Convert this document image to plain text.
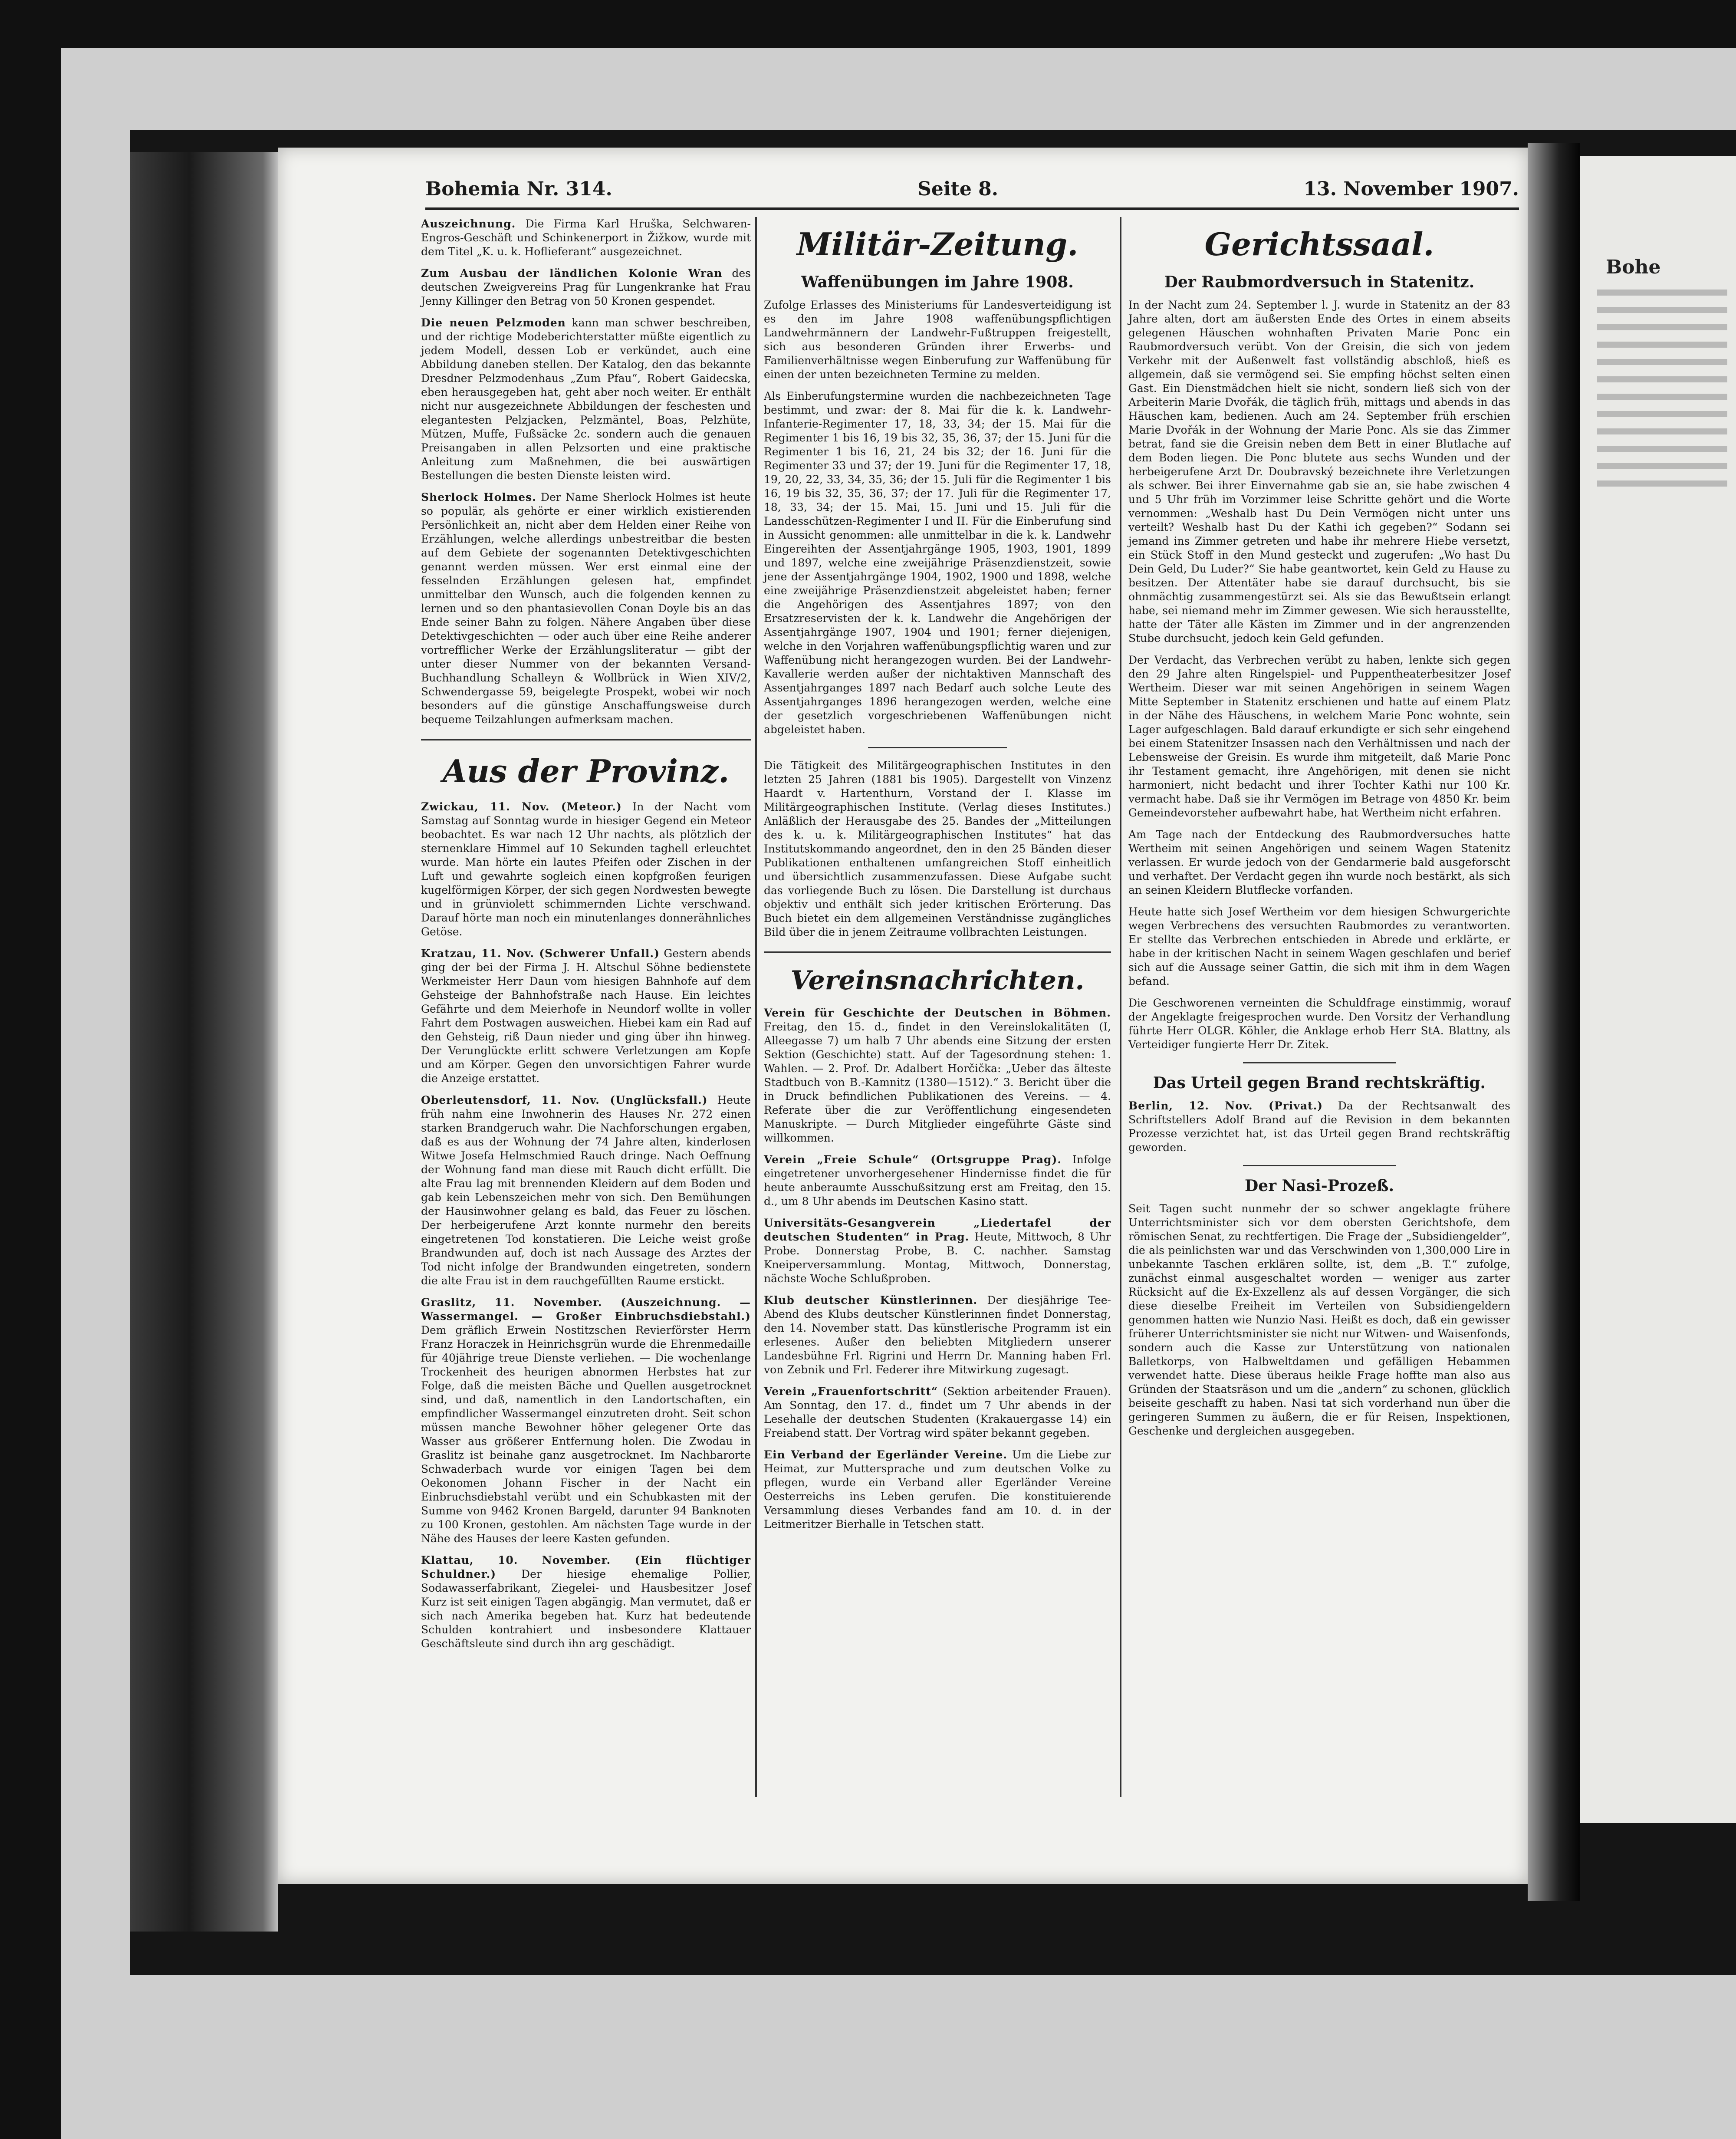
Bohe
Bohemia Nr. 314.	Seite 8.	13. November 1907.
Auszeichnung. Die Firma Karl Hruška, Selchwaren-Engros-Geschäft und Schinkenerport in Žižkow, wurde mit dem Titel „K. u. k. Hoflieferant“ ausgezeichnet.
Zum Ausbau der ländlichen Kolonie Wran des deutschen Zweigvereins Prag für Lungenkranke hat Frau Jenny Killinger den Betrag von 50 Kronen gespendet.
Die neuen Pelzmoden kann man schwer beschreiben, und der richtige Modeberichterstatter müßte eigentlich zu jedem Modell, dessen Lob er verkündet, auch eine Abbildung daneben stellen. Der Katalog, den das bekannte Dresdner Pelzmodenhaus „Zum Pfau“, Robert Gaidecska, eben herausgegeben hat, geht aber noch weiter. Er enthält nicht nur ausgezeichnete Abbildungen der feschesten und elegantesten Pelzjacken, Pelzmäntel, Boas, Pelzhüte, Mützen, Muffe, Fußsäcke 2c. sondern auch die genauen Preisangaben in allen Pelzsorten und eine praktische Anleitung zum Maßnehmen, die bei auswärtigen Bestellungen die besten Dienste leisten wird.
Sherlock Holmes. Der Name Sherlock Holmes ist heute so populär, als gehörte er einer wirklich existierenden Persönlichkeit an, nicht aber dem Helden einer Reihe von Erzählungen, welche allerdings unbestreitbar die besten auf dem Gebiete der sogenannten Detektivgeschichten genannt werden müssen. Wer erst einmal eine der fesselnden Erzählungen gelesen hat, empfindet unmittelbar den Wunsch, auch die folgenden kennen zu lernen und so den phantasievollen Conan Doyle bis an das Ende seiner Bahn zu folgen. Nähere Angaben über diese Detektivgeschichten — oder auch über eine Reihe anderer vortrefflicher Werke der Erzählungsliteratur — gibt der unter dieser Nummer von der bekannten Versand-Buchhandlung Schalleyn & Wollbrück in Wien XIV/2, Schwendergasse 59, beigelegte Prospekt, wobei wir noch besonders auf die günstige Anschaffungsweise durch bequeme Teilzahlungen aufmerksam machen.
Aus der Provinz.
Zwickau, 11. Nov. (Meteor.) In der Nacht vom Samstag auf Sonntag wurde in hiesiger Gegend ein Meteor beobachtet. Es war nach 12 Uhr nachts, als plötzlich der sternenklare Himmel auf 10 Sekunden taghell erleuchtet wurde. Man hörte ein lautes Pfeifen oder Zischen in der Luft und gewahrte sogleich einen kopfgroßen feurigen kugelförmigen Körper, der sich gegen Nordwesten bewegte und in grünviolett schimmernden Lichte verschwand. Darauf hörte man noch ein minutenlanges donnerähnliches Getöse.
Kratzau, 11. Nov. (Schwerer Unfall.) Gestern abends ging der bei der Firma J. H. Altschul Söhne bedienstete Werkmeister Herr Daun vom hiesigen Bahnhofe auf dem Gehsteige der Bahnhofstraße nach Hause. Ein leichtes Gefährte und dem Meierhofe in Neundorf wollte in voller Fahrt dem Postwagen ausweichen. Hiebei kam ein Rad auf den Gehsteig, riß Daun nieder und ging über ihn hinweg. Der Verunglückte erlitt schwere Verletzungen am Kopfe und am Körper. Gegen den unvorsichtigen Fahrer wurde die Anzeige erstattet.
Oberleutensdorf, 11. Nov. (Unglücksfall.) Heute früh nahm eine Inwohnerin des Hauses Nr. 272 einen starken Brandgeruch wahr. Die Nachforschungen ergaben, daß es aus der Wohnung der 74 Jahre alten, kinderlosen Witwe Josefa Helmschmied Rauch dringe. Nach Oeffnung der Wohnung fand man diese mit Rauch dicht erfüllt. Die alte Frau lag mit brennenden Kleidern auf dem Boden und gab kein Lebenszeichen mehr von sich. Den Bemühungen der Hausinwohner gelang es bald, das Feuer zu löschen. Der herbeigerufene Arzt konnte nurmehr den bereits eingetretenen Tod konstatieren. Die Leiche weist große Brandwunden auf, doch ist nach Aussage des Arztes der Tod nicht infolge der Brandwunden eingetreten, sondern die alte Frau ist in dem rauchgefüllten Raume erstickt.
Graslitz, 11. November. (Auszeichnung. — Wassermangel. — Großer Einbruchsdiebstahl.) Dem gräflich Erwein Nostitzschen Revierförster Herrn Franz Horaczek in Heinrichsgrün wurde die Ehrenmedaille für 40jährige treue Dienste verliehen. — Die wochenlange Trockenheit des heurigen abnormen Herbstes hat zur Folge, daß die meisten Bäche und Quellen ausgetrocknet sind, und daß, namentlich in den Landortschaften, ein empfindlicher Wassermangel einzutreten droht. Seit schon müssen manche Bewohner höher gelegener Orte das Wasser aus größerer Entfernung holen. Die Zwodau in Graslitz ist beinahe ganz ausgetrocknet. Im Nachbarorte Schwaderbach wurde vor einigen Tagen bei dem Oekonomen Johann Fischer in der Nacht ein Einbruchsdiebstahl verübt und ein Schubkasten mit der Summe von 9462 Kronen Bargeld, darunter 94 Banknoten zu 100 Kronen, gestohlen. Am nächsten Tage wurde in der Nähe des Hauses der leere Kasten gefunden.
Klattau, 10. November. (Ein flüchtiger Schuldner.) Der hiesige ehemalige Pollier, Sodawasserfabrikant, Ziegelei- und Hausbesitzer Josef Kurz ist seit einigen Tagen abgängig. Man vermutet, daß er sich nach Amerika begeben hat. Kurz hat bedeutende Schulden kontrahiert und insbesondere Klattauer Geschäftsleute sind durch ihn arg geschädigt.
Militär-Zeitung.
Waffenübungen im Jahre 1908.
Zufolge Erlasses des Ministeriums für Landesverteidigung ist es den im Jahre 1908 waffenübungspflichtigen Landwehrmännern der Landwehr-Fußtruppen freigestellt, sich aus besonderen Gründen ihrer Erwerbs- und Familienverhältnisse wegen Einberufung zur Waffenübung für einen der unten bezeichneten Termine zu melden.
Als Einberufungstermine wurden die nachbezeichneten Tage bestimmt, und zwar: der 8. Mai für die k. k. Landwehr-Infanterie-Regimenter 17, 18, 33, 34; der 15. Mai für die Regimenter 1 bis 16, 19 bis 32, 35, 36, 37; der 15. Juni für die Regimenter 1 bis 16, 21, 24 bis 32; der 16. Juni für die Regimenter 33 und 37; der 19. Juni für die Regimenter 17, 18, 19, 20, 22, 33, 34, 35, 36; der 15. Juli für die Regimenter 1 bis 16, 19 bis 32, 35, 36, 37; der 17. Juli für die Regimenter 17, 18, 33, 34; der 15. Mai, 15. Juni und 15. Juli für die Landesschützen-Regimenter I und II. Für die Einberufung sind in Aussicht genommen: alle unmittelbar in die k. k. Landwehr Eingereihten der Assentjahrgänge 1905, 1903, 1901, 1899 und 1897, welche eine zweijährige Präsenzdienstzeit, sowie jene der Assentjahrgänge 1904, 1902, 1900 und 1898, welche eine zweijährige Präsenzdienstzeit abgeleistet haben; ferner die Angehörigen des Assentjahres 1897; von den Ersatzreservisten der k. k. Landwehr die Angehörigen der Assentjahrgänge 1907, 1904 und 1901; ferner diejenigen, welche in den Vorjahren waffenübungspflichtig waren und zur Waffenübung nicht herangezogen wurden. Bei der Landwehr-Kavallerie werden außer der nichtaktiven Mannschaft des Assentjahrganges 1897 nach Bedarf auch solche Leute des Assentjahrganges 1896 herangezogen werden, welche eine der gesetzlich vorgeschriebenen Waffenübungen nicht abgeleistet haben.
Die Tätigkeit des Militärgeographischen Institutes in den letzten 25 Jahren (1881 bis 1905). Dargestellt von Vinzenz Haardt v. Hartenthurn, Vorstand der I. Klasse im Militärgeographischen Institute. (Verlag dieses Institutes.) Anläßlich der Herausgabe des 25. Bandes der „Mitteilungen des k. u. k. Militärgeographischen Institutes“ hat das Institutskommando angeordnet, den in den 25 Bänden dieser Publikationen enthaltenen umfangreichen Stoff einheitlich und übersichtlich zusammenzufassen. Diese Aufgabe sucht das vorliegende Buch zu lösen. Die Darstellung ist durchaus objektiv und enthält sich jeder kritischen Erörterung. Das Buch bietet ein dem allgemeinen Verständnisse zugängliches Bild über die in jenem Zeitraume vollbrachten Leistungen.
Vereinsnachrichten.
Verein für Geschichte der Deutschen in Böhmen. Freitag, den 15. d., findet in den Vereinslokalitäten (I, Alleegasse 7) um halb 7 Uhr abends eine Sitzung der ersten Sektion (Geschichte) statt. Auf der Tagesordnung stehen: 1. Wahlen. — 2. Prof. Dr. Adalbert Horčička: „Ueber das älteste Stadtbuch von B.-Kamnitz (1380—1512).“ 3. Bericht über die in Druck befindlichen Publikationen des Vereins. — 4. Referate über die zur Veröffentlichung eingesendeten Manuskripte. — Durch Mitglieder eingeführte Gäste sind willkommen.
Verein „Freie Schule“ (Ortsgruppe Prag). Infolge eingetretener unvorhergesehener Hindernisse findet die für heute anberaumte Ausschußsitzung erst am Freitag, den 15. d., um 8 Uhr abends im Deutschen Kasino statt.
Universitäts-Gesangverein „Liedertafel der deutschen Studenten“ in Prag. Heute, Mittwoch, 8 Uhr Probe. Donnerstag Probe, B. C. nachher. Samstag Kneiperversammlung. Montag, Mittwoch, Donnerstag, nächste Woche Schlußproben.
Klub deutscher Künstlerinnen. Der diesjährige Tee-Abend des Klubs deutscher Künstlerinnen findet Donnerstag, den 14. November statt. Das künstlerische Programm ist ein erlesenes. Außer den beliebten Mitgliedern unserer Landesbühne Frl. Rigrini und Herrn Dr. Manning haben Frl. von Zebnik und Frl. Federer ihre Mitwirkung zugesagt.
Verein „Frauenfortschritt“ (Sektion arbeitender Frauen). Am Sonntag, den 17. d., findet um 7 Uhr abends in der Lesehalle der deutschen Studenten (Krakauergasse 14) ein Freiabend statt. Der Vortrag wird später bekannt gegeben.
Ein Verband der Egerländer Vereine. Um die Liebe zur Heimat, zur Muttersprache und zum deutschen Volke zu pflegen, wurde ein Verband aller Egerländer Vereine Oesterreichs ins Leben gerufen. Die konstituierende Versammlung dieses Verbandes fand am 10. d. in der Leitmeritzer Bierhalle in Tetschen statt.
Gerichtssaal.
Der Raubmordversuch in Statenitz.
In der Nacht zum 24. September l. J. wurde in Statenitz an der 83 Jahre alten, dort am äußersten Ende des Ortes in einem abseits gelegenen Häuschen wohnhaften Privaten Marie Ponc ein Raubmordversuch verübt. Von der Greisin, die sich von jedem Verkehr mit der Außenwelt fast vollständig abschloß, hieß es allgemein, daß sie vermögend sei. Sie empfing höchst selten einen Gast. Ein Dienstmädchen hielt sie nicht, sondern ließ sich von der Arbeiterin Marie Dvořák, die täglich früh, mittags und abends in das Häuschen kam, bedienen. Auch am 24. September früh erschien Marie Dvořák in der Wohnung der Marie Ponc. Als sie das Zimmer betrat, fand sie die Greisin neben dem Bett in einer Blutlache auf dem Boden liegen. Die Ponc blutete aus sechs Wunden und der herbeigerufene Arzt Dr. Doubravský bezeichnete ihre Verletzungen als schwer. Bei ihrer Einvernahme gab sie an, sie habe zwischen 4 und 5 Uhr früh im Vorzimmer leise Schritte gehört und die Worte vernommen: „Weshalb hast Du Dein Vermögen nicht unter uns verteilt? Weshalb hast Du der Kathi ich gegeben?“ Sodann sei jemand ins Zimmer getreten und habe ihr mehrere Hiebe versetzt, ein Stück Stoff in den Mund gesteckt und zugerufen: „Wo hast Du Dein Geld, Du Luder?“ Sie habe geantwortet, kein Geld zu Hause zu besitzen. Der Attentäter habe sie darauf durchsucht, bis sie ohnmächtig zusammengestürzt sei. Als sie das Bewußtsein erlangt habe, sei niemand mehr im Zimmer gewesen. Wie sich herausstellte, hatte der Täter alle Kästen im Zimmer und in der angrenzenden Stube durchsucht, jedoch kein Geld gefunden.
Der Verdacht, das Verbrechen verübt zu haben, lenkte sich gegen den 29 Jahre alten Ringelspiel- und Puppentheaterbesitzer Josef Wertheim. Dieser war mit seinen Angehörigen in seinem Wagen Mitte September in Statenitz erschienen und hatte auf einem Platz in der Nähe des Häuschens, in welchem Marie Ponc wohnte, sein Lager aufgeschlagen. Bald darauf erkundigte er sich sehr eingehend bei einem Statenitzer Insassen nach den Verhältnissen und nach der Lebensweise der Greisin. Es wurde ihm mitgeteilt, daß Marie Ponc ihr Testament gemacht, ihre Angehörigen, mit denen sie nicht harmoniert, nicht bedacht und ihrer Tochter Kathi nur 100 Kr. vermacht habe. Daß sie ihr Vermögen im Betrage von 4850 Kr. beim Gemeindevorsteher aufbewahrt habe, hat Wertheim nicht erfahren.
Am Tage nach der Entdeckung des Raubmordversuches hatte Wertheim mit seinen Angehörigen und seinem Wagen Statenitz verlassen. Er wurde jedoch von der Gendarmerie bald ausgeforscht und verhaftet. Der Verdacht gegen ihn wurde noch bestärkt, als sich an seinen Kleidern Blutflecke vorfanden.
Heute hatte sich Josef Wertheim vor dem hiesigen Schwurgerichte wegen Verbrechens des versuchten Raubmordes zu verantworten. Er stellte das Verbrechen entschieden in Abrede und erklärte, er habe in der kritischen Nacht in seinem Wagen geschlafen und berief sich auf die Aussage seiner Gattin, die sich mit ihm in dem Wagen befand.
Die Geschworenen verneinten die Schuldfrage einstimmig, worauf der Angeklagte freigesprochen wurde. Den Vorsitz der Verhandlung führte Herr OLGR. Köhler, die Anklage erhob Herr StA. Blattny, als Verteidiger fungierte Herr Dr. Zitek.
Das Urteil gegen Brand rechtskräftig.
Berlin, 12. Nov. (Privat.) Da der Rechtsanwalt des Schriftstellers Adolf Brand auf die Revision in dem bekannten Prozesse verzichtet hat, ist das Urteil gegen Brand rechtskräftig geworden.
Der Nasi-Prozeß.
Seit Tagen sucht nunmehr der so schwer angeklagte frühere Unterrichtsminister sich vor dem obersten Gerichtshofe, dem römischen Senat, zu rechtfertigen. Die Frage der „Subsidiengelder“, die als peinlichsten war und das Verschwinden von 1,300,000 Lire in unbekannte Taschen erklären sollte, ist, dem „B. T.“ zufolge, zunächst einmal ausgeschaltet worden — weniger aus zarter Rücksicht auf die Ex-Exzellenz als auf dessen Vorgänger, die sich diese dieselbe Freiheit im Verteilen von Subsidiengeldern genommen hatten wie Nunzio Nasi. Heißt es doch, daß ein gewisser früherer Unterrichtsminister sie nicht nur Witwen- und Waisenfonds, sondern auch die Kasse zur Unterstützung von nationalen Balletkorps, von Halbweltdamen und gefälligen Hebammen verwendet hatte. Diese überaus heikle Frage hoffte man also aus Gründen der Staatsräson und um die „andern“ zu schonen, glücklich beiseite geschafft zu haben. Nasi tat sich vorderhand nun über die geringeren Summen zu äußern, die er für Reisen, Inspektionen, Geschenke und dergleichen ausgegeben.
